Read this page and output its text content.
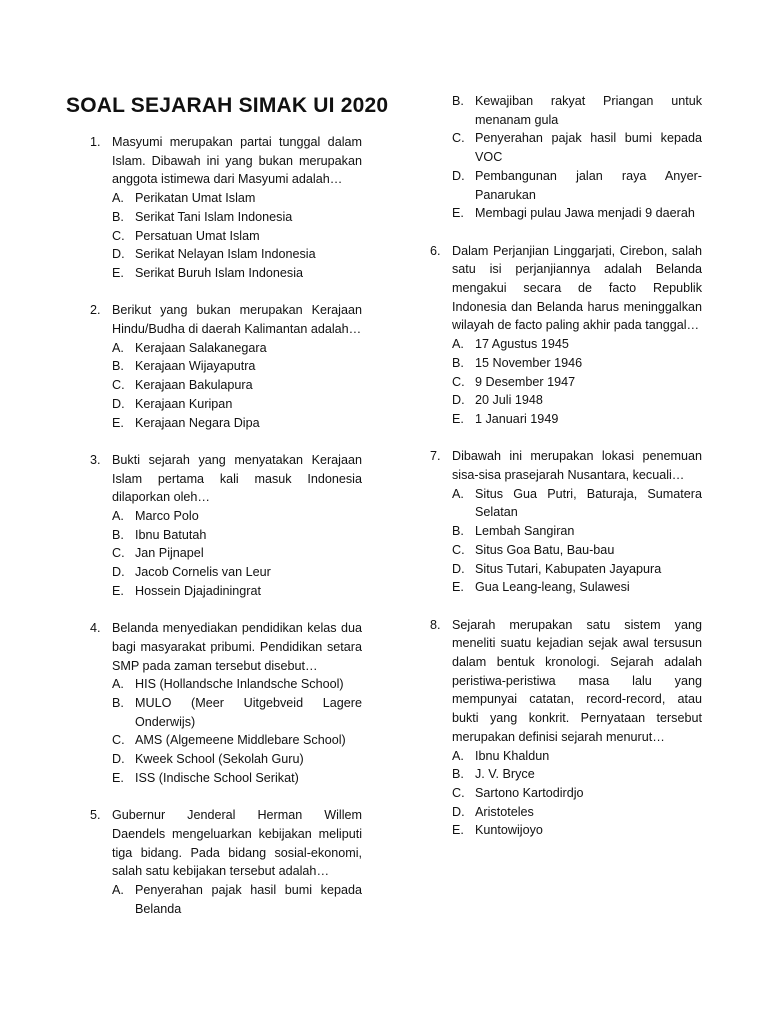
SOAL SEJARAH SIMAK UI 2020
1. Masyumi merupakan partai tunggal dalam Islam. Dibawah ini yang bukan merupakan anggota istimewa dari Masyumi adalah…
A. Perikatan Umat Islam
B. Serikat Tani Islam Indonesia
C. Persatuan Umat Islam
D. Serikat Nelayan Islam Indonesia
E. Serikat Buruh Islam Indonesia
2. Berikut yang bukan merupakan Kerajaan Hindu/Budha di daerah Kalimantan adalah…
A. Kerajaan Salakanegara
B. Kerajaan Wijayaputra
C. Kerajaan Bakulapura
D. Kerajaan Kuripan
E. Kerajaan Negara Dipa
3. Bukti sejarah yang menyatakan Kerajaan Islam pertama kali masuk Indonesia dilaporkan oleh…
A. Marco Polo
B. Ibnu Batutah
C. Jan Pijnapel
D. Jacob Cornelis van Leur
E. Hossein Djajadiningrat
4. Belanda menyediakan pendidikan kelas dua bagi masyarakat pribumi. Pendidikan setara SMP pada zaman tersebut disebut…
A. HIS (Hollandsche Inlandsche School)
B. MULO (Meer Uitgebveid Lagere Onderwijs)
C. AMS (Algemeene Middlebare School)
D. Kweek School (Sekolah Guru)
E. ISS (Indische School Serikat)
5. Gubernur Jenderal Herman Willem Daendels mengeluarkan kebijakan meliputi tiga bidang. Pada bidang sosial-ekonomi, salah satu kebijakan tersebut adalah…
A. Penyerahan pajak hasil bumi kepada Belanda
B. Kewajiban rakyat Priangan untuk menanam gula
C. Penyerahan pajak hasil bumi kepada VOC
D. Pembangunan jalan raya Anyer-Panarukan
E. Membagi pulau Jawa menjadi 9 daerah
6. Dalam Perjanjian Linggarjati, Cirebon, salah satu isi perjanjiannya adalah Belanda mengakui secara de facto Republik Indonesia dan Belanda harus meninggalkan wilayah de facto paling akhir pada tanggal…
A. 17 Agustus 1945
B. 15 November 1946
C. 9 Desember 1947
D. 20 Juli 1948
E. 1 Januari 1949
7. Dibawah ini merupakan lokasi penemuan sisa-sisa prasejarah Nusantara, kecuali…
A. Situs Gua Putri, Baturaja, Sumatera Selatan
B. Lembah Sangiran
C. Situs Goa Batu, Bau-bau
D. Situs Tutari, Kabupaten Jayapura
E. Gua Leang-leang, Sulawesi
8. Sejarah merupakan satu sistem yang meneliti suatu kejadian sejak awal tersusun dalam bentuk kronologi. Sejarah adalah peristiwa-peristiwa masa lalu yang mempunyai catatan, record-record, atau bukti yang konkrit. Pernyataan tersebut merupakan definisi sejarah menurut…
A. Ibnu Khaldun
B. J. V. Bryce
C. Sartono Kartodirdjo
D. Aristoteles
E. Kuntowijoyo
